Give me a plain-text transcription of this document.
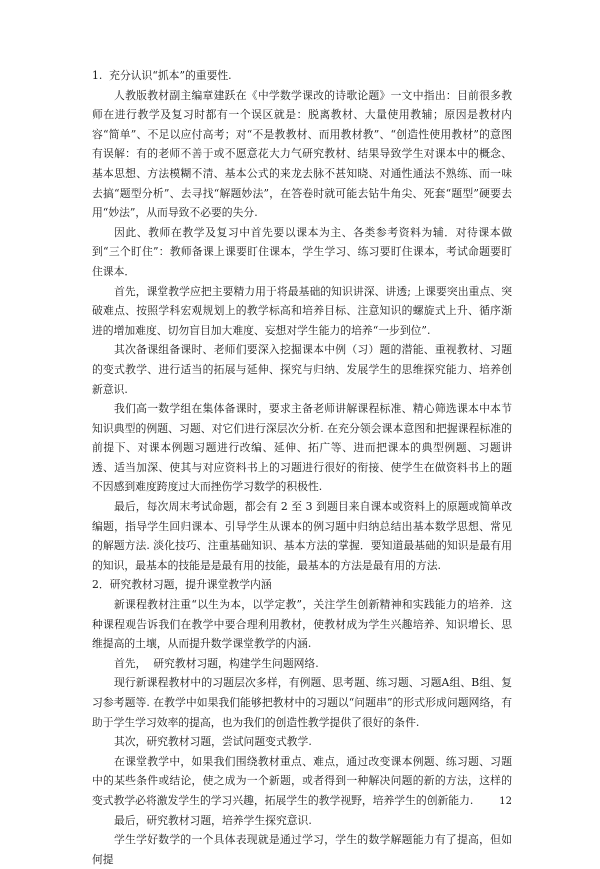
1.  充分认识“抓本”的重要性.

人教版教材副主编章建跃在《中学数学课改的诗歌论题》一文中指出：目前很多教师在进行教学及复习时都有一个误区就是：脱离教材、大量使用教辅；原因是教材内容“简单”、不足以应付高考；对“不是教教材、而用教材教”、“创造性使用教材”的意图有误解：有的老师不善于或不愿意花大力气研究教材、结果导致学生对课本中的概念、基本思想、方法模糊不清、基本公式的来龙去脉不甚知晓、对通性通法不熟练、而一味去搞“题型分析”、去寻找“解题妙法”，在答卷时就可能去钻牛角尖、死套“题型”硬要去用“妙法”，从而导致不必要的失分.

因此、教师在教学及复习中首先要以课本为主、各类参考资料为辅．对待课本做到“三个盯住”：教师备课上课要盯住课本，学生学习、练习要盯住课本，考试命题要盯住课本．

首先，课堂教学应把主要精力用于将最基础的知识讲深、讲透; 上课要突出重点、突破难点、按照学科宏观规划上的教学标高和培养目标、注意知识的螺旋式上升、循序渐进的增加难度、切勿盲目加大难度、妄想对学生能力的培养“一步到位”.

其次备课组备课时、老师们要深入挖掘课本中例（习）题的潜能、重视教材、习题的变式教学、进行适当的拓展与延伸、探究与归纳、发展学生的思维探究能力、培养创新意识.

我们高一数学组在集体备课时，要求主备老师讲解课程标准、精心筛选课本中本节知识典型的例题、习题、对它们进行深层次分析. 在充分领会课本意图和把握课程标准的前提下、对课本例题习题进行改编、延伸、拓广等、进而把课本的典型例题、习题讲透、适当加深、使其与对应资料书上的习题进行很好的衔接、使学生在做资料书上的题不因感到难度跨度过大而挫伤学习数学的积极性.

最后，每次周末考试命题，都会有 2 至 3 到题目来自课本或资料上的原题或简单改编题，指导学生回归课本、引导学生从课本的例习题中归纳总结出基本数学思想、常见的解题方法. 淡化技巧、注重基础知识、基本方法的掌握．要知道最基础的知识是最有用的知识，最基本的技能是是最有用的技能，最基本的方法是最有用的方法.

2．研究教材习题，提升课堂教学内涵

新课程教材注重“以生为本，以学定教”，关注学生创新精神和实践能力的培养．这种课程观告诉我们在教学中要合理利用教材，使教材成为学生兴趣培养、知识增长、思维提高的土壤，从而提升数学课堂教学的内涵.

首先，  研究教材习题，构建学生问题网络.

现行新课程教材中的习题层次多样，有例题、思考题、练习题、习题A组、B组、复习参考题等. 在教学中如果我们能够把教材中的习题以“问题串”的形式形成问题网络，有助于学生学习效率的提高，也为我们的创造性教学提供了很好的条件.

其次，研究教材习题，尝试问题变式教学.

在课堂教学中，如果我们围绕教材重点、难点，通过改变课本例题、练习题、习题中的某些条件或结论，使之成为一个新题，或者得到一种解决问题的新的方法，这样的变式教学必将激发学生的学习兴趣，拓展学生的教学视野，培养学生的创新能力.

最后，研究教材习题，培养学生探究意识.

学生学好数学的一个具体表现就是通过学习，学生的数学解题能力有了提高，但如何提

12
